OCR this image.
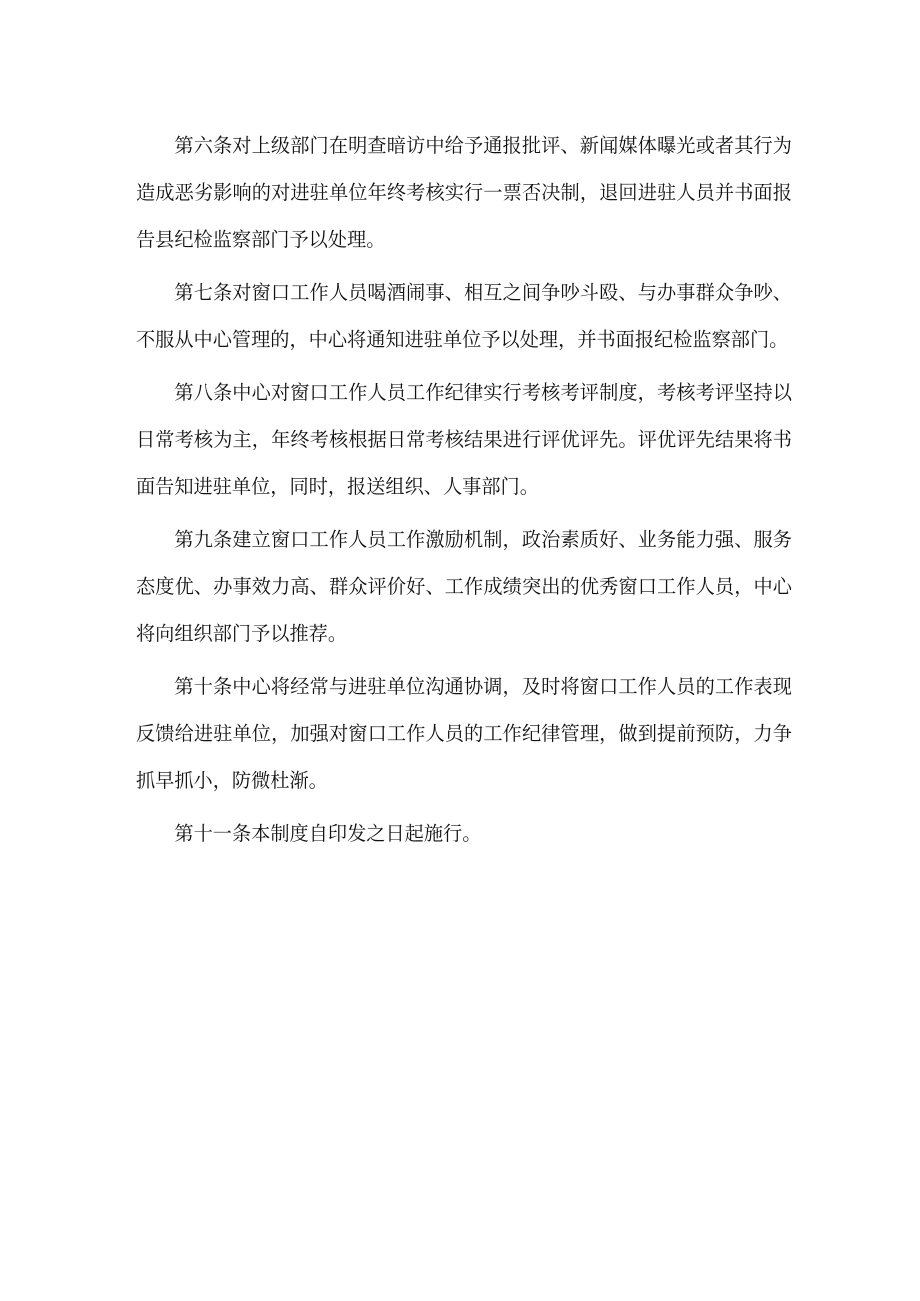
第六条对上级部门在明查暗访中给予通报批评、新闻媒体曝光或者其行为造成恶劣影响的对进驻单位年终考核实行一票否决制，退回进驻人员并书面报告县纪检监察部门予以处理。

第七条对窗口工作人员喝酒闹事、相互之间争吵斗殴、与办事群众争吵、不服从中心管理的，中心将通知进驻单位予以处理，并书面报纪检监察部门。

第八条中心对窗口工作人员工作纪律实行考核考评制度，考核考评坚持以日常考核为主，年终考核根据日常考核结果进行评优评先。评优评先结果将书面告知进驻单位，同时，报送组织、人事部门。

第九条建立窗口工作人员工作激励机制，政治素质好、业务能力强、服务态度优、办事效力高、群众评价好、工作成绩突出的优秀窗口工作人员，中心将向组织部门予以推荐。

第十条中心将经常与进驻单位沟通协调，及时将窗口工作人员的工作表现反馈给进驻单位，加强对窗口工作人员的工作纪律管理，做到提前预防，力争抓早抓小，防微杜渐。

第十一条本制度自印发之日起施行。
